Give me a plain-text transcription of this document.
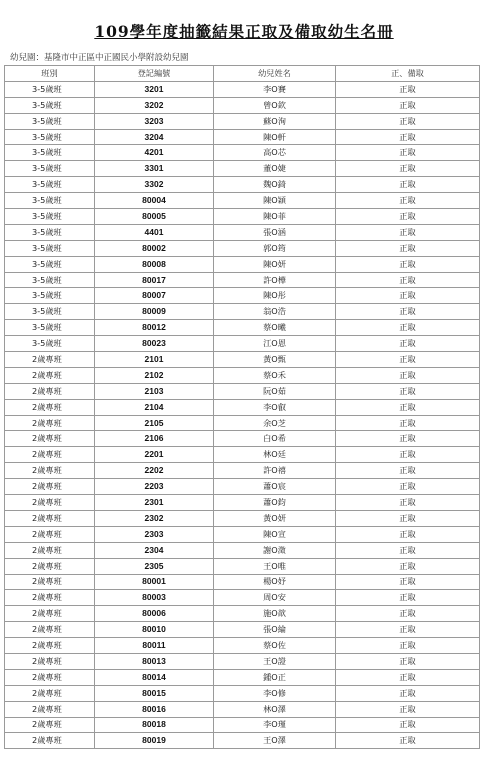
109學年度抽籤結果正取及備取幼生名冊
幼兒園：基隆市中正區中正國民小學附設幼兒園
班別	登記編號	幼兒姓名	正、備取
3-5歲班	3201	李O賽	正取
3-5歲班	3202	曾O欽	正取
3-5歲班	3203	蘇O洵	正取
3-5歲班	3204	陳O軒	正取
3-5歲班	4201	高O芯	正取
3-5歲班	3301	董O婕	正取
3-5歲班	3302	魏O錡	正取
3-5歲班	80004	陳O穎	正取
3-5歲班	80005	陳O菲	正取
3-5歲班	4401	張O涵	正取
3-5歲班	80002	郭O筠	正取
3-5歲班	80008	陳O妍	正取
3-5歲班	80017	許O樺	正取
3-5歲班	80007	陳O彤	正取
3-5歲班	80009	翁O浩	正取
3-5歲班	80012	蔡O曦	正取
3-5歲班	80023	江O恩	正取
2歲專班	2101	黃O甄	正取
2歲專班	2102	蔡O禾	正取
2歲專班	2103	阮O茹	正取
2歲專班	2104	李O叡	正取
2歲專班	2105	余O芝	正取
2歲專班	2106	白O希	正取
2歲專班	2201	林O廷	正取
2歲專班	2202	許O禧	正取
2歲專班	2203	蕭O宸	正取
2歲專班	2301	蕭O鈞	正取
2歲專班	2302	黃O妍	正取
2歲專班	2303	陳O宣	正取
2歲專班	2304	謝O澂	正取
2歲專班	2305	王O唯	正取
2歲專班	80001	楊O妤	正取
2歲專班	80003	周O安	正取
2歲專班	80006	施O歆	正取
2歲專班	80010	張O綸	正取
2歲專班	80011	蔡O佐	正取
2歲專班	80013	王O證	正取
2歲專班	80014	鍾O正	正取
2歲專班	80015	李O修	正取
2歲專班	80016	林O澤	正取
2歲專班	80018	李O瑾	正取
2歲專班	80019	王O澤	正取
